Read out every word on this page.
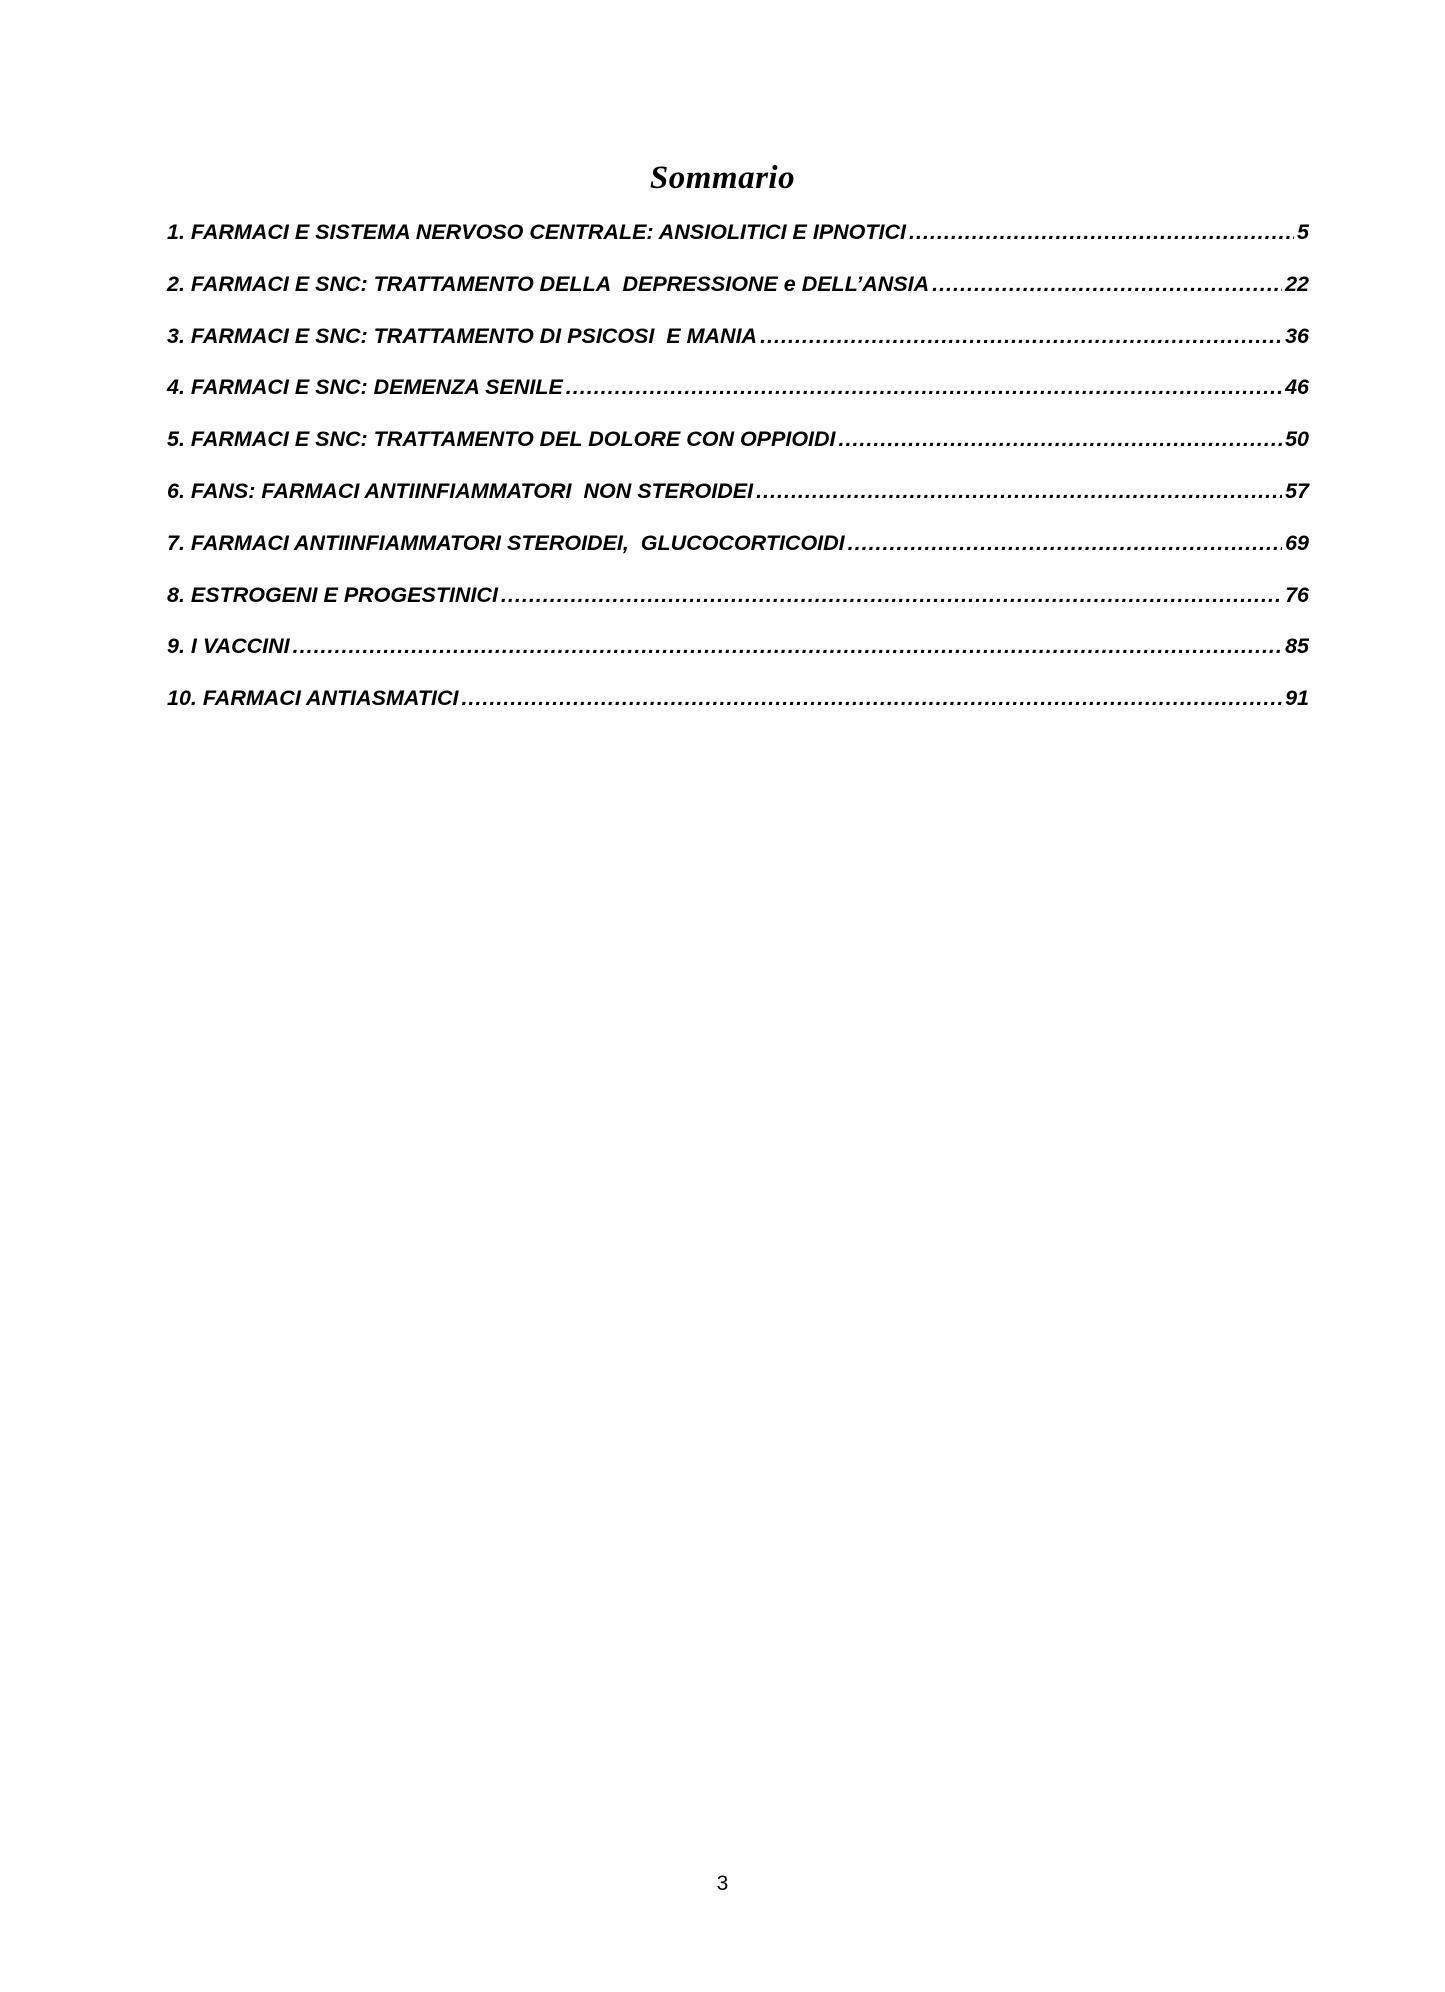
Sommario
1. FARMACI E SISTEMA NERVOSO CENTRALE: ANSIOLITICI E IPNOTICI .....	5
2. FARMACI E SNC: TRATTAMENTO DELLA  DEPRESSIONE e DELL’ANSIA .....	22
3. FARMACI E SNC: TRATTAMENTO DI PSICOSI  E MANIA .....	36
4. FARMACI E SNC: DEMENZA SENILE .....	46
5. FARMACI E SNC: TRATTAMENTO DEL DOLORE CON OPPIOIDI .....	50
6. FANS: FARMACI ANTIINFIAMMATORI  NON STEROIDEI .....	57
7. FARMACI ANTIINFIAMMATORI STEROIDEI,  GLUCOCORTICOIDI .....	69
8. ESTROGENI E PROGESTINICI .....	76
9. I VACCINI .....	85
10. FARMACI ANTIASMATICI .....	91

3
